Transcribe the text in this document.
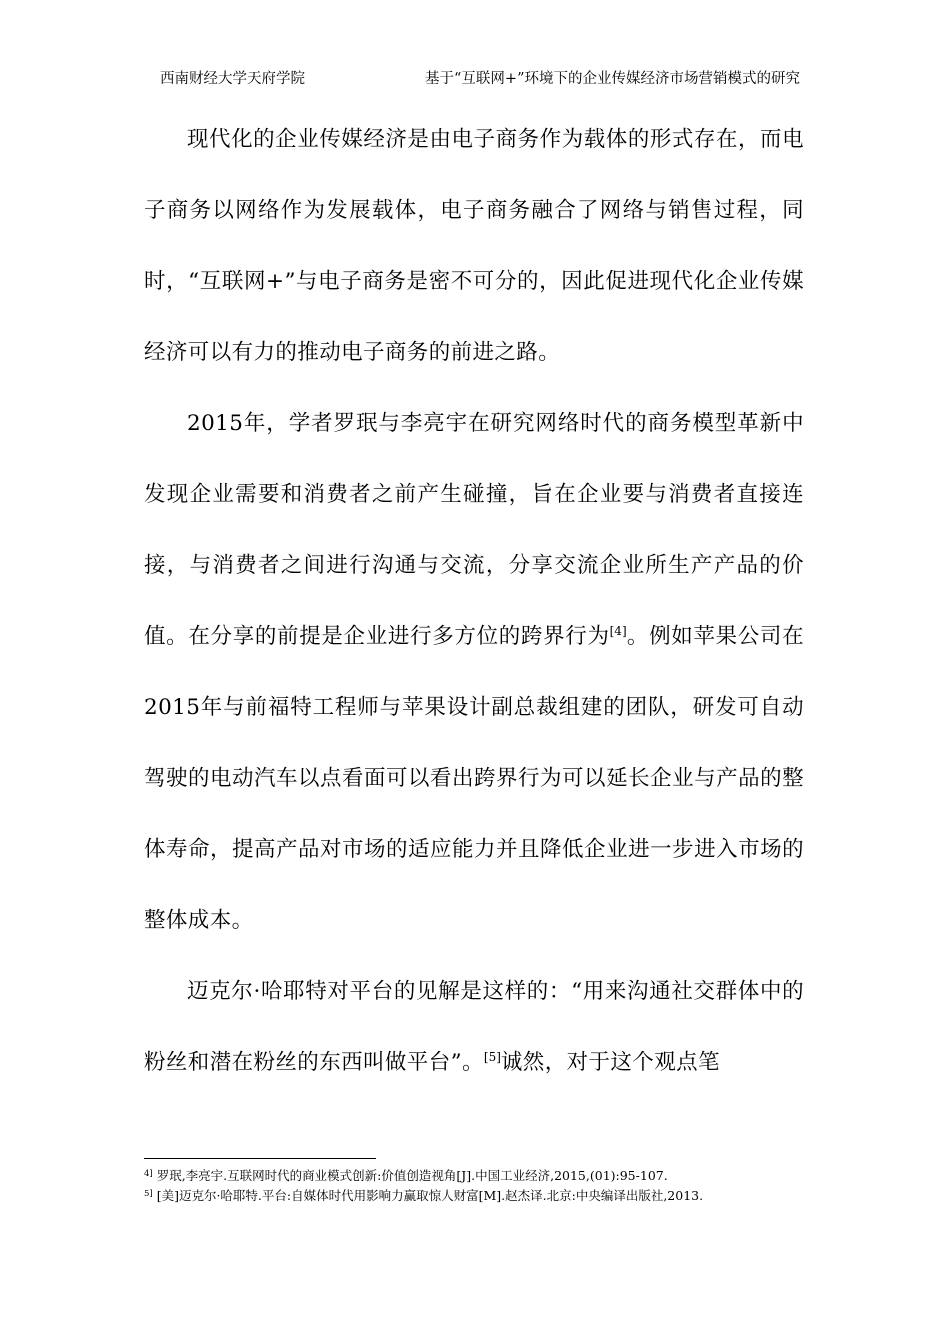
西南财经大学天府学院	基于“互联网+”环境下的企业传媒经济市场营销模式的研究

现代化的企业传媒经济是由电子商务作为载体的形式存在，而电子商务以网络作为发展载体，电子商务融合了网络与销售过程，同时，“互联网+”与电子商务是密不可分的，因此促进现代化企业传媒经济可以有力的推动电子商务的前进之路。

2015年，学者罗珉与李亮宇在研究网络时代的商务模型革新中发现企业需要和消费者之前产生碰撞，旨在企业要与消费者直接连接，与消费者之间进行沟通与交流，分享交流企业所生产产品的价值。在分享的前提是企业进行多方位的跨界行为[4]。例如苹果公司在2015年与前福特工程师与苹果设计副总裁组建的团队，研发可自动驾驶的电动汽车以点看面可以看出跨界行为可以延长企业与产品的整体寿命，提高产品对市场的适应能力并且降低企业进一步进入市场的整体成本。

迈克尔·哈耶特对平台的见解是这样的：“用来沟通社交群体中的粉丝和潜在粉丝的东西叫做平台”。[5]诚然，对于这个观点笔

$^{4]}$ 罗珉,李亮宇.互联网时代的商业模式创新:价值创造视角[J].中国工业经济,2015,(01):95-107.
$^{5]}$ [美]迈克尔·哈耶特.平台:自媒体时代用影响力赢取惊人财富[M].赵杰译.北京:中央编译出版社,2013.
